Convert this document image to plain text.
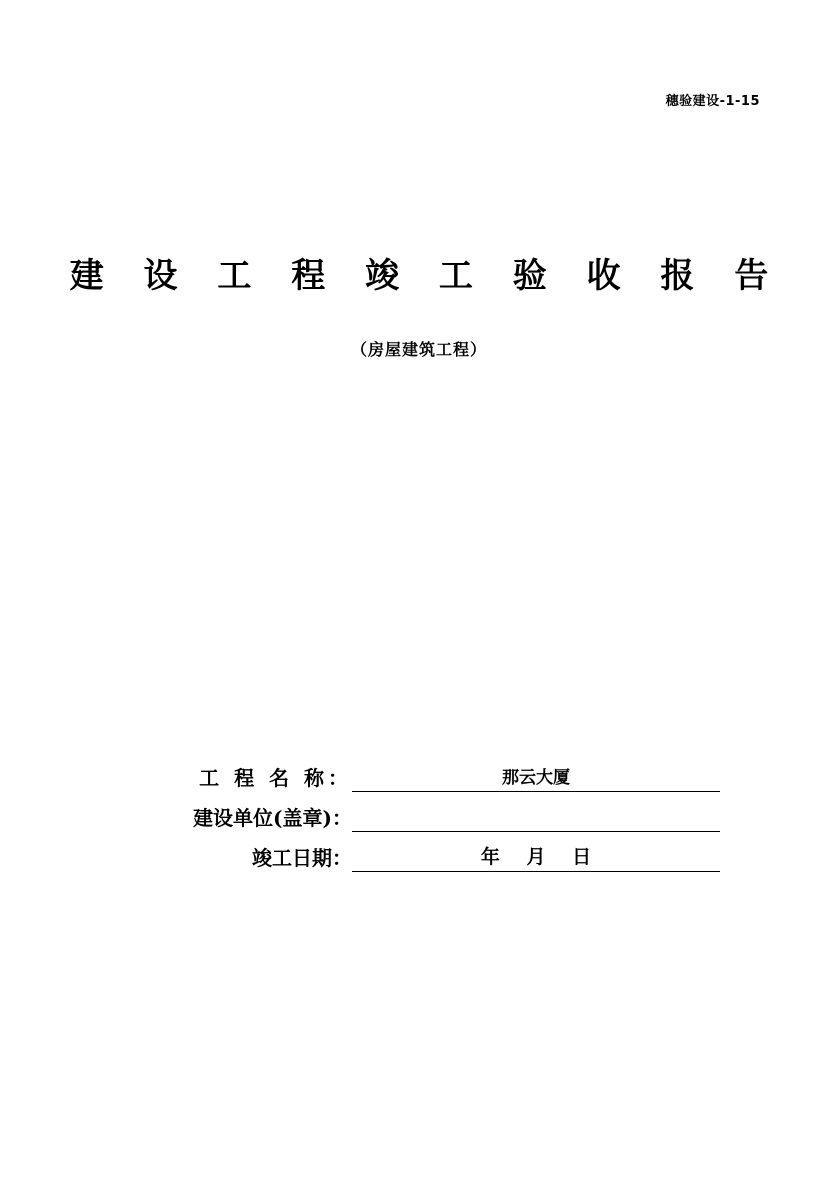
穗验建设-1-15
建 设 工 程 竣 工 验 收 报 告
（房屋建筑工程）
工 程 名 称：	那云大厦
建设单位(盖章)：
竣工日期：	年 月 日
